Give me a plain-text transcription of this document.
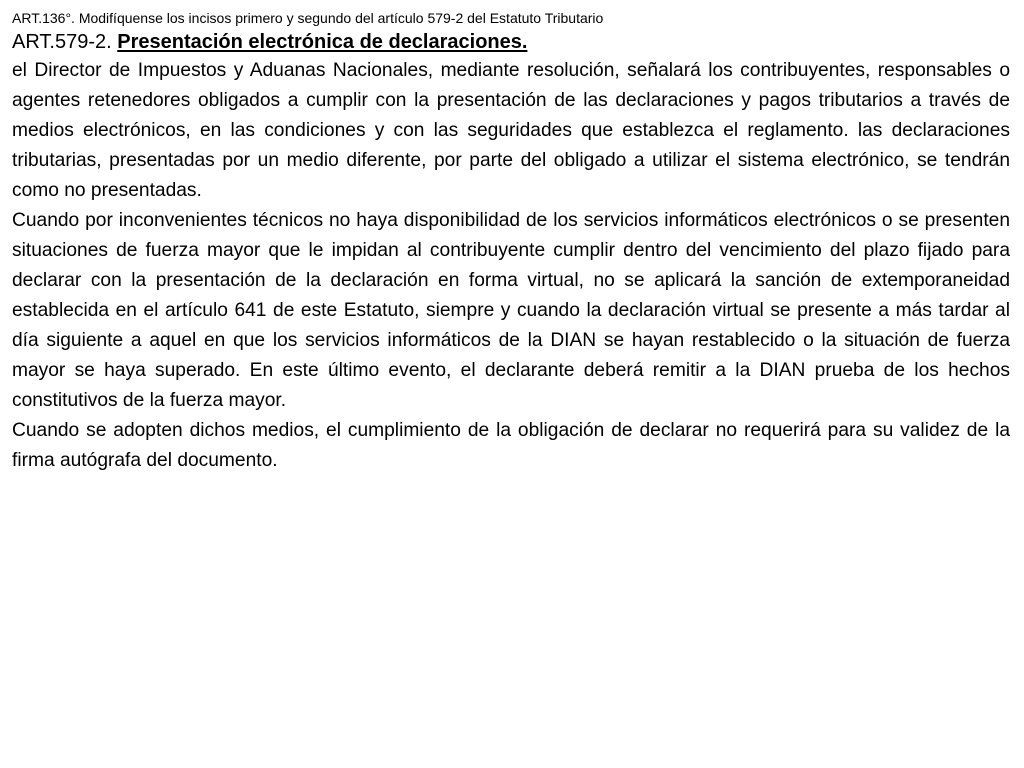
ART.136°. Modifíquense los incisos primero y segundo del artículo 579-2 del Estatuto Tributario

ART.579-2. Presentación electrónica de declaraciones.

el Director de Impuestos y Aduanas Nacionales, mediante resolución, señalará los contribuyentes, responsables o agentes retenedores obligados a cumplir con la presentación de las declaraciones y pagos tributarios a través de medios electrónicos, en las condiciones y con las seguridades que establezca el reglamento. las declaraciones tributarias, presentadas por un medio diferente, por parte del obligado a utilizar el sistema electrónico, se tendrán como no presentadas.

Cuando por inconvenientes técnicos no haya disponibilidad de los servicios informáticos electrónicos o se presenten situaciones de fuerza mayor que le impidan al contribuyente cumplir dentro del vencimiento del plazo fijado para declarar con la presentación de la declaración en forma virtual, no se aplicará la sanción de extemporaneidad establecida en el artículo 641 de este Estatuto, siempre y cuando la declaración virtual se presente a más tardar al día siguiente a aquel en que los servicios informáticos de la DIAN se hayan restablecido o la situación de fuerza mayor se haya superado. En este último evento, el declarante deberá remitir a la DIAN prueba de los hechos constitutivos de la fuerza mayor.

Cuando se adopten dichos medios, el cumplimiento de la obligación de declarar no requerirá para su validez de la firma autógrafa del documento.
